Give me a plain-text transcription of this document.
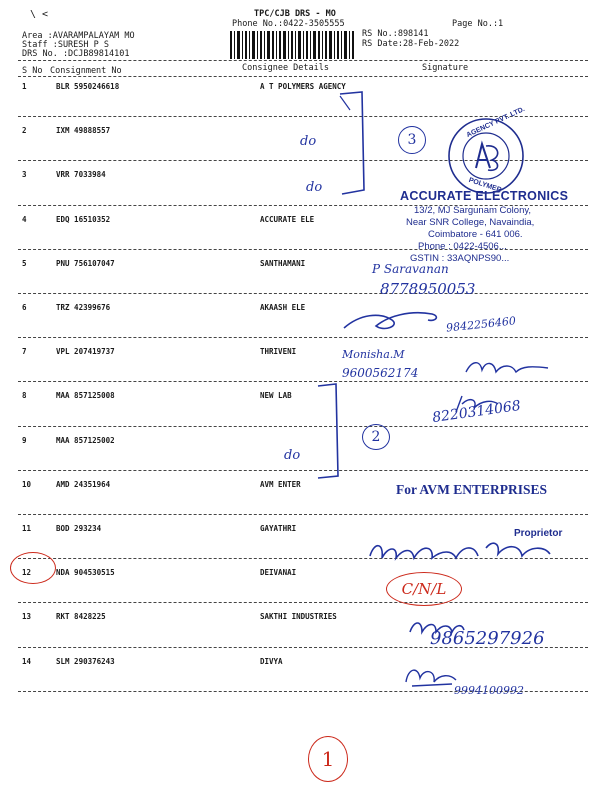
\ <	TPC/CJB DRS - MO
Phone No.:0422-3505555
Area :AVARAMPALAYAM MO
Staff :SURESH P S
DRS No. :DCJB89814101
Page No.:1
RS No.:898141
RS Date:28-Feb-2022
S No Consignment No	Consignee Details	Signature
1	BLR 5950246618	A T POLYMERS AGENCY
2	IXM 49888557
3	VRR 7033984
4	EDQ 16510352	ACCURATE ELE
5	PNU 756107047	SANTHAMANI
6	TRZ 42399676	AKAASH ELE
7	VPL 207419737	THRIVENI
8	MAA 857125008	NEW LAB
9	MAA 857125002
10	AMD 24351964	AVM ENTER
11	BOD 293234	GAYATHRI
12	NDA 904530515	DEIVANAI
13	RKT 8428225	SAKTHI INDUSTRIES
14	SLM 290376243	DIVYA
3
2
1
do
do
do
AGENCY PVT. LTD.
POLYMER
ACCURATE ELECTRONICS
13/2, MJ Sargunam Colony,
Near SNR College, Navaindia,
Coimbatore - 641 006.
Phone : 0422-4506...
GSTIN : 33AQNPS90...
P Saravanan
8778950053
9842256460
Monisha.M
9600562174
8220314068
For AVM ENTERPRISES
Proprietor
C/N/L
9865297926
9994100992
